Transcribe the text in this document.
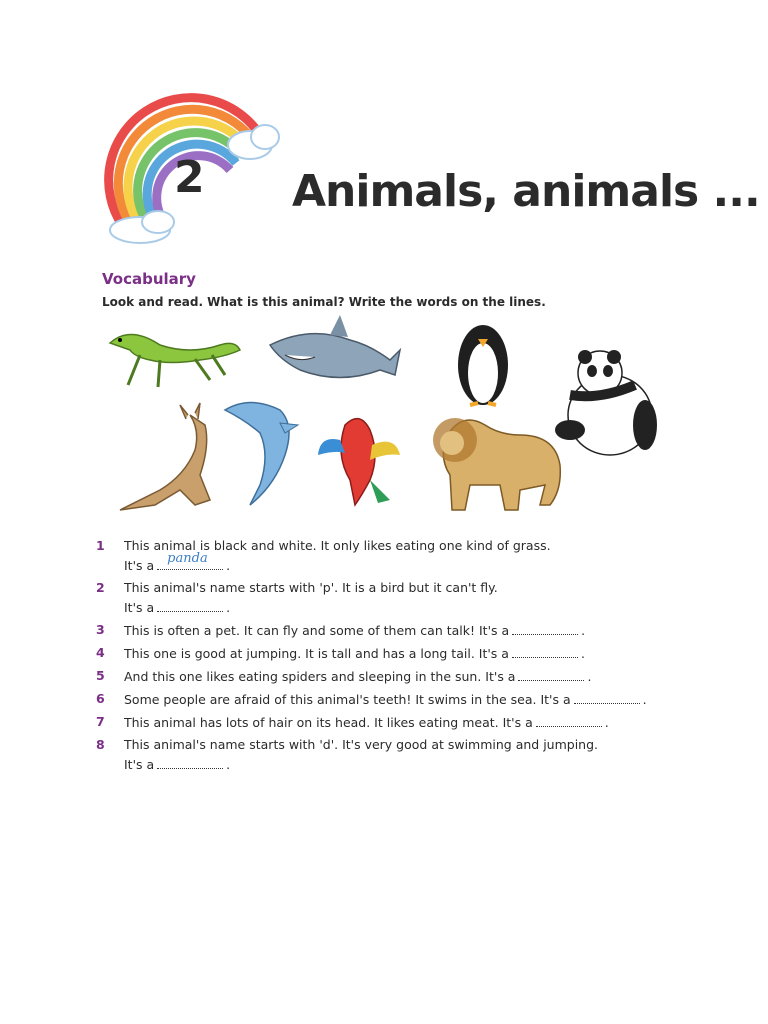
2 Animals, animals ...
Vocabulary
Look and read. What is this animal? Write the words on the lines.
1	This animal is black and white. It only likes eating one kind of grass.
It's a panda .
2	This animal's name starts with 'p'. It is a bird but it can't fly.
It's a	.
3	This is often a pet. It can fly and some of them can talk! It's a	.
4	This one is good at jumping. It is tall and has a long tail. It's a	.
5	And this one likes eating spiders and sleeping in the sun. It's a	.
6	Some people are afraid of this animal's teeth! It swims in the sea. It's a	.
7	This animal has lots of hair on its head. It likes eating meat. It's a	.
8	This animal's name starts with 'd'. It's very good at swimming and jumping.
It's a	.
